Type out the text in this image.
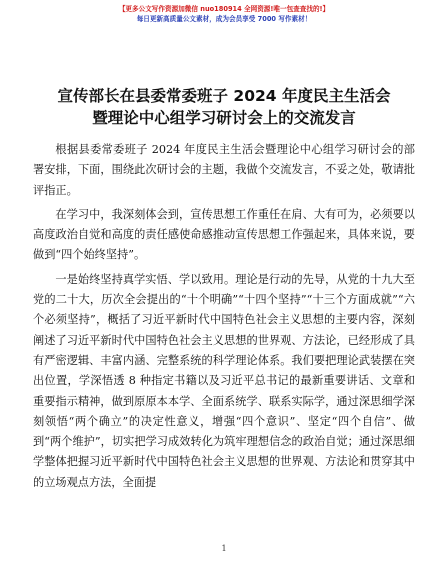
【更多公文写作资源加微信 nuo180914 全网资源!唯一包查查找的!】
每日更新高质量公文素材，成为会员享受 7000 写作素材！
宣传部长在县委常委班子 2024 年度民主生活会
暨理论中心组学习研讨会上的交流发言

根据县委常委班子 2024 年度民主生活会暨理论中心组学习研讨会的部署安排，下面，围绕此次研讨会的主题，我做个交流发言，不妥之处，敬请批评指正。

在学习中，我深刻体会到，宣传思想工作重任在肩、大有可为，必须要以高度政治自觉和高度的责任感使命感推动宣传思想工作强起来，具体来说，要做到“四个始终坚持”。

一是始终坚持真学实悟、学以致用。理论是行动的先导，从党的十九大至党的二十大，历次全会提出的“十个明确”“十四个坚持”“十三个方面成就”“六个必须坚持”，概括了习近平新时代中国特色社会主义思想的主要内容，深刻阐述了习近平新时代中国特色社会主义思想的世界观、方法论，已经形成了具有严密逻辑、丰富内涵、完整系统的科学理论体系。我们要把理论武装摆在突出位置，学深悟透 8 种指定书籍以及习近平总书记的最新重要讲话、文章和重要指示精神，做到原原本本学、全面系统学、联系实际学，通过深思细学深刻领悟“两个确立”的决定性意义，增强“四个意识”、坚定“四个自信”、做到“两个维护”，切实把学习成效转化为筑牢理想信念的政治自觉；通过深思细学整体把握习近平新时代中国特色社会主义思想的世界观、方法论和贯穿其中的立场观点方法，全面提

1
